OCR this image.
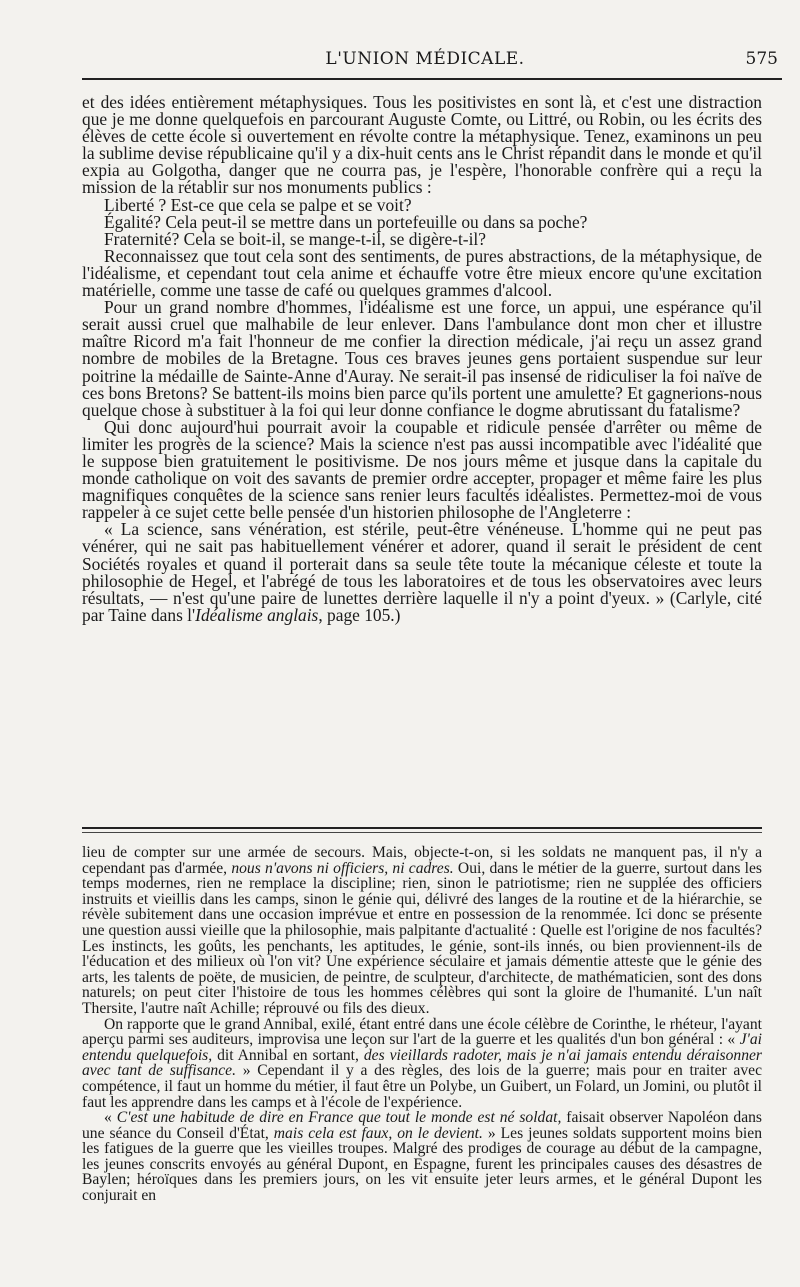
L'UNION MÉDICALE.	575

et des idées entièrement métaphysiques. Tous les positivistes en sont là, et c'est une distraction que je me donne quelquefois en parcourant Auguste Comte, ou Littré, ou Robin, ou les écrits des élèves de cette école si ouvertement en révolte contre la métaphysique. Tenez, examinons un peu la sublime devise républicaine qu'il y a dix-huit cents ans le Christ répandit dans le monde et qu'il expia au Golgotha, danger que ne courra pas, je l'espère, l'honorable confrère qui a reçu la mission de la rétablir sur nos monuments publics :

Liberté ? Est-ce que cela se palpe et se voit?

Égalité? Cela peut-il se mettre dans un portefeuille ou dans sa poche?

Fraternité? Cela se boit-il, se mange-t-il, se digère-t-il?

Reconnaissez que tout cela sont des sentiments, de pures abstractions, de la métaphysique, de l'idéalisme, et cependant tout cela anime et échauffe votre être mieux encore qu'une excitation matérielle, comme une tasse de café ou quelques grammes d'alcool.

Pour un grand nombre d'hommes, l'idéalisme est une force, un appui, une espérance qu'il serait aussi cruel que malhabile de leur enlever. Dans l'ambulance dont mon cher et illustre maître Ricord m'a fait l'honneur de me confier la direction médicale, j'ai reçu un assez grand nombre de mobiles de la Bretagne. Tous ces braves jeunes gens portaient suspendue sur leur poitrine la médaille de Sainte-Anne d'Auray. Ne serait-il pas insensé de ridiculiser la foi naïve de ces bons Bretons? Se battent-ils moins bien parce qu'ils portent une amulette? Et gagnerions-nous quelque chose à substituer à la foi qui leur donne confiance le dogme abrutissant du fatalisme?

Qui donc aujourd'hui pourrait avoir la coupable et ridicule pensée d'arrêter ou même de limiter les progrès de la science? Mais la science n'est pas aussi incompatible avec l'idéalité que le suppose bien gratuitement le positivisme. De nos jours même et jusque dans la capitale du monde catholique on voit des savants de premier ordre accepter, propager et même faire les plus magnifiques conquêtes de la science sans renier leurs facultés idéalistes. Permettez-moi de vous rappeler à ce sujet cette belle pensée d'un historien philosophe de l'Angleterre :

« La science, sans vénération, est stérile, peut-être vénéneuse. L'homme qui ne peut pas vénérer, qui ne sait pas habituellement vénérer et adorer, quand il serait le président de cent Sociétés royales et quand il porterait dans sa seule tête toute la mécanique céleste et toute la philosophie de Hegel, et l'abrégé de tous les laboratoires et de tous les observatoires avec leurs résultats, — n'est qu'une paire de lunettes derrière laquelle il n'y a point d'yeux. » (Carlyle, cité par Taine dans l'Idéalisme anglais, page 105.)

lieu de compter sur une armée de secours. Mais, objecte-t-on, si les soldats ne manquent pas, il n'y a cependant pas d'armée, nous n'avons ni officiers, ni cadres. Oui, dans le métier de la guerre, surtout dans les temps modernes, rien ne remplace la discipline; rien, sinon le patriotisme; rien ne supplée des officiers instruits et vieillis dans les camps, sinon le génie qui, délivré des langes de la routine et de la hiérarchie, se révèle subitement dans une occasion imprévue et entre en possession de la renommée. Ici donc se présente une question aussi vieille que la philosophie, mais palpitante d'actualité : Quelle est l'origine de nos facultés? Les instincts, les goûts, les penchants, les aptitudes, le génie, sont-ils innés, ou bien proviennent-ils de l'éducation et des milieux où l'on vit? Une expérience séculaire et jamais démentie atteste que le génie des arts, les talents de poëte, de musicien, de peintre, de sculpteur, d'architecte, de mathématicien, sont des dons naturels; on peut citer l'histoire de tous les hommes célèbres qui sont la gloire de l'humanité. L'un naît Thersite, l'autre naît Achille; réprouvé ou fils des dieux.

On rapporte que le grand Annibal, exilé, étant entré dans une école célèbre de Corinthe, le rhéteur, l'ayant aperçu parmi ses auditeurs, improvisa une leçon sur l'art de la guerre et les qualités d'un bon général : « J'ai entendu quelquefois, dit Annibal en sortant, des vieillards radoter, mais je n'ai jamais entendu déraisonner avec tant de suffisance. » Cependant il y a des règles, des lois de la guerre; mais pour en traiter avec compétence, il faut un homme du métier, il faut être un Polybe, un Guibert, un Folard, un Jomini, ou plutôt il faut les apprendre dans les camps et à l'école de l'expérience.

« C'est une habitude de dire en France que tout le monde est né soldat, faisait observer Napoléon dans une séance du Conseil d'État, mais cela est faux, on le devient. » Les jeunes soldats supportent moins bien les fatigues de la guerre que les vieilles troupes. Malgré des prodiges de courage au début de la campagne, les jeunes conscrits envoyés au général Dupont, en Espagne, furent les principales causes des désastres de Baylen; héroïques dans les premiers jours, on les vit ensuite jeter leurs armes, et le général Dupont les conjurait en
